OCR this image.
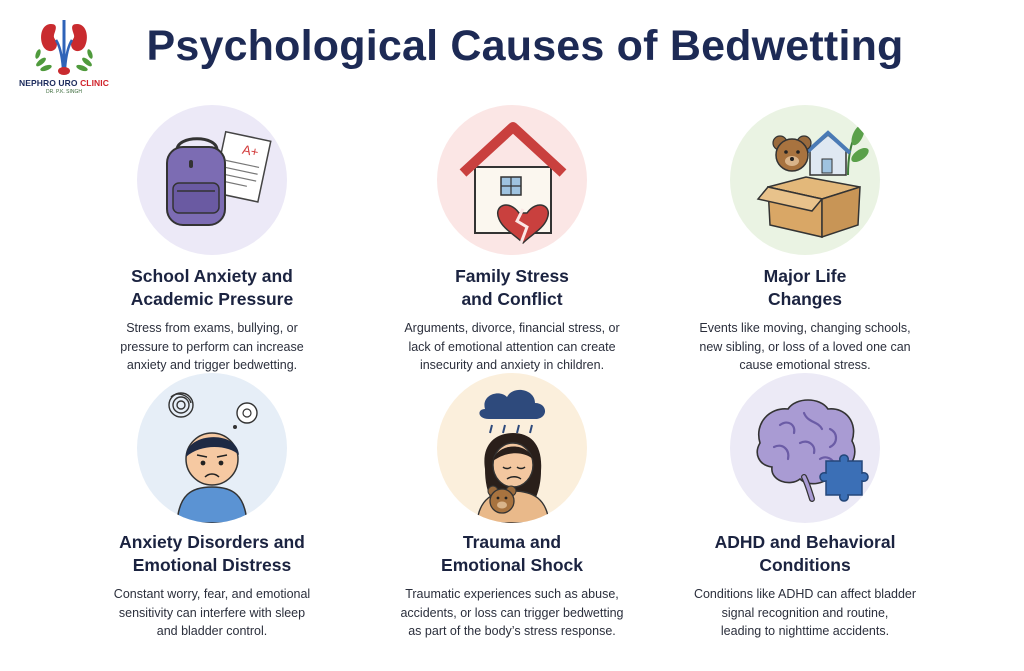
NEPHRO URO CLINIC
DR. P.K. SINGH
Psychological Causes of Bedwetting
A+
School Anxiety and
Academic Pressure

Stress from exams, bullying, or
pressure to perform can increase
anxiety and trigger bedwetting.

Family Stress
and Conflict

Arguments, divorce, financial stress, or
lack of emotional attention can create
insecurity and anxiety in children.

Major Life
Changes

Events like moving, changing schools,
new sibling, or loss of a loved one can
cause emotional stress.

Anxiety Disorders and
Emotional Distress

Constant worry, fear, and emotional
sensitivity can interfere with sleep
and bladder control.

Trauma and
Emotional Shock

Traumatic experiences such as abuse,
accidents, or loss can trigger bedwetting
as part of the body’s stress response.

ADHD and Behavioral
Conditions

Conditions like ADHD can affect bladder
signal recognition and routine,
leading to nighttime accidents.
